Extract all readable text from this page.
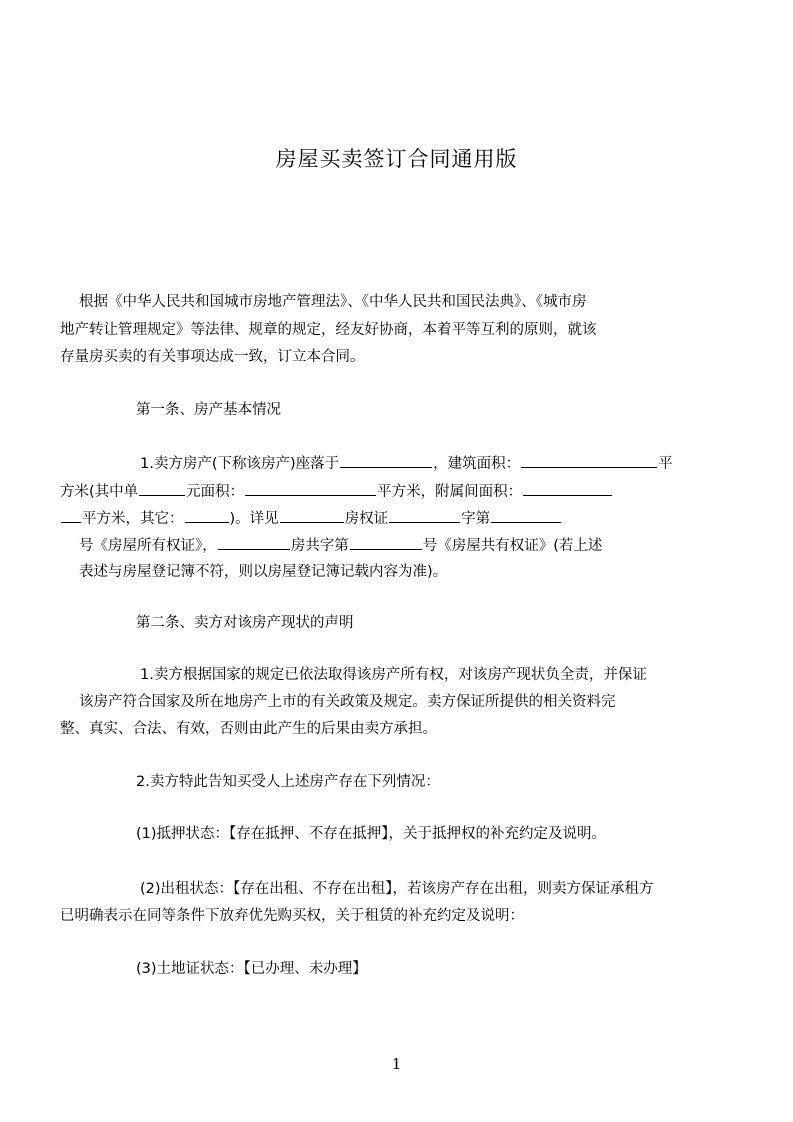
房屋买卖签订合同通用版
根据《中华人民共和国城市房地产管理法》、《中华人民共和国民法典》、《城市房
地产转让管理规定》等法律、规章的规定，经友好协商，本着平等互利的原则，就该
存量房买卖的有关事项达成一致，订立本合同。
第一条、房产基本情况
1.卖方房产(下称该房产)座落于	，建筑面积：	平
方米(其中单	元面积：	平方米，附属间面积：
平方米，其它：	)。详见	房权证	字第
号《房屋所有权证》，	房共字第	号《房屋共有权证》(若上述
表述与房屋登记簿不符，则以房屋登记簿记载内容为准)。
第二条、卖方对该房产现状的声明
1.卖方根据国家的规定已依法取得该房产所有权，对该房产现状负全责，并保证
该房产符合国家及所在地房产上市的有关政策及规定。卖方保证所提供的相关资料完
整、真实、合法、有效，否则由此产生的后果由卖方承担。
2.卖方特此告知买受人上述房产存在下列情况：
(1)抵押状态：【存在抵押、不存在抵押】，关于抵押权的补充约定及说明。
(2)出租状态：【存在出租、不存在出租】，若该房产存在出租，则卖方保证承租方
已明确表示在同等条件下放弃优先购买权，关于租赁的补充约定及说明：
(3)土地证状态：【已办理、未办理】
1
